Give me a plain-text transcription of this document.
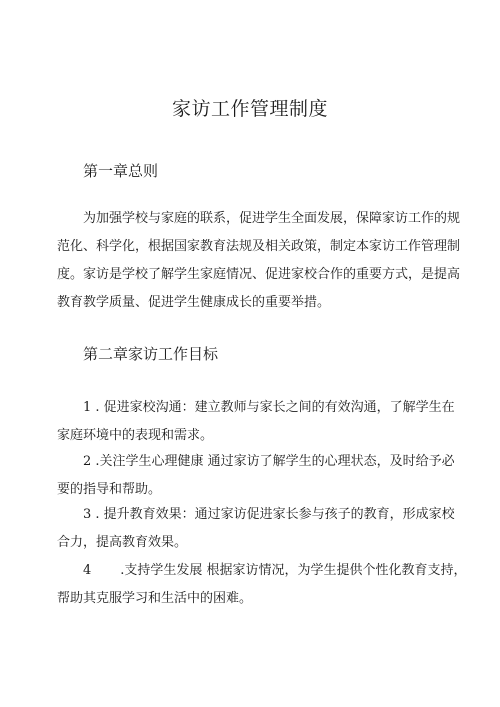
家访工作管理制度
第一章总则
为加强学校与家庭的联系，促进学生全面发展，保障家访工作的规
范化、科学化，根据国家教育法规及相关政策，制定本家访工作管理制
度。家访是学校了解学生家庭情况、促进家校合作的重要方式，是提高
教育教学质量、促进学生健康成长的重要举措。
第二章家访工作目标
1 . 促进家校沟通：建立教师与家长之间的有效沟通，了解学生在
家庭环境中的表现和需求。
2 .关注学生心理健康 通过家访了解学生的心理状态，及时给予必
要的指导和帮助。
3 . 提升教育效果：通过家访促进家长参与孩子的教育，形成家校
合力，提高教育效果。
4       .支持学生发展 根据家访情况，为学生提供个性化教育支持，
帮助其克服学习和生活中的困难。
